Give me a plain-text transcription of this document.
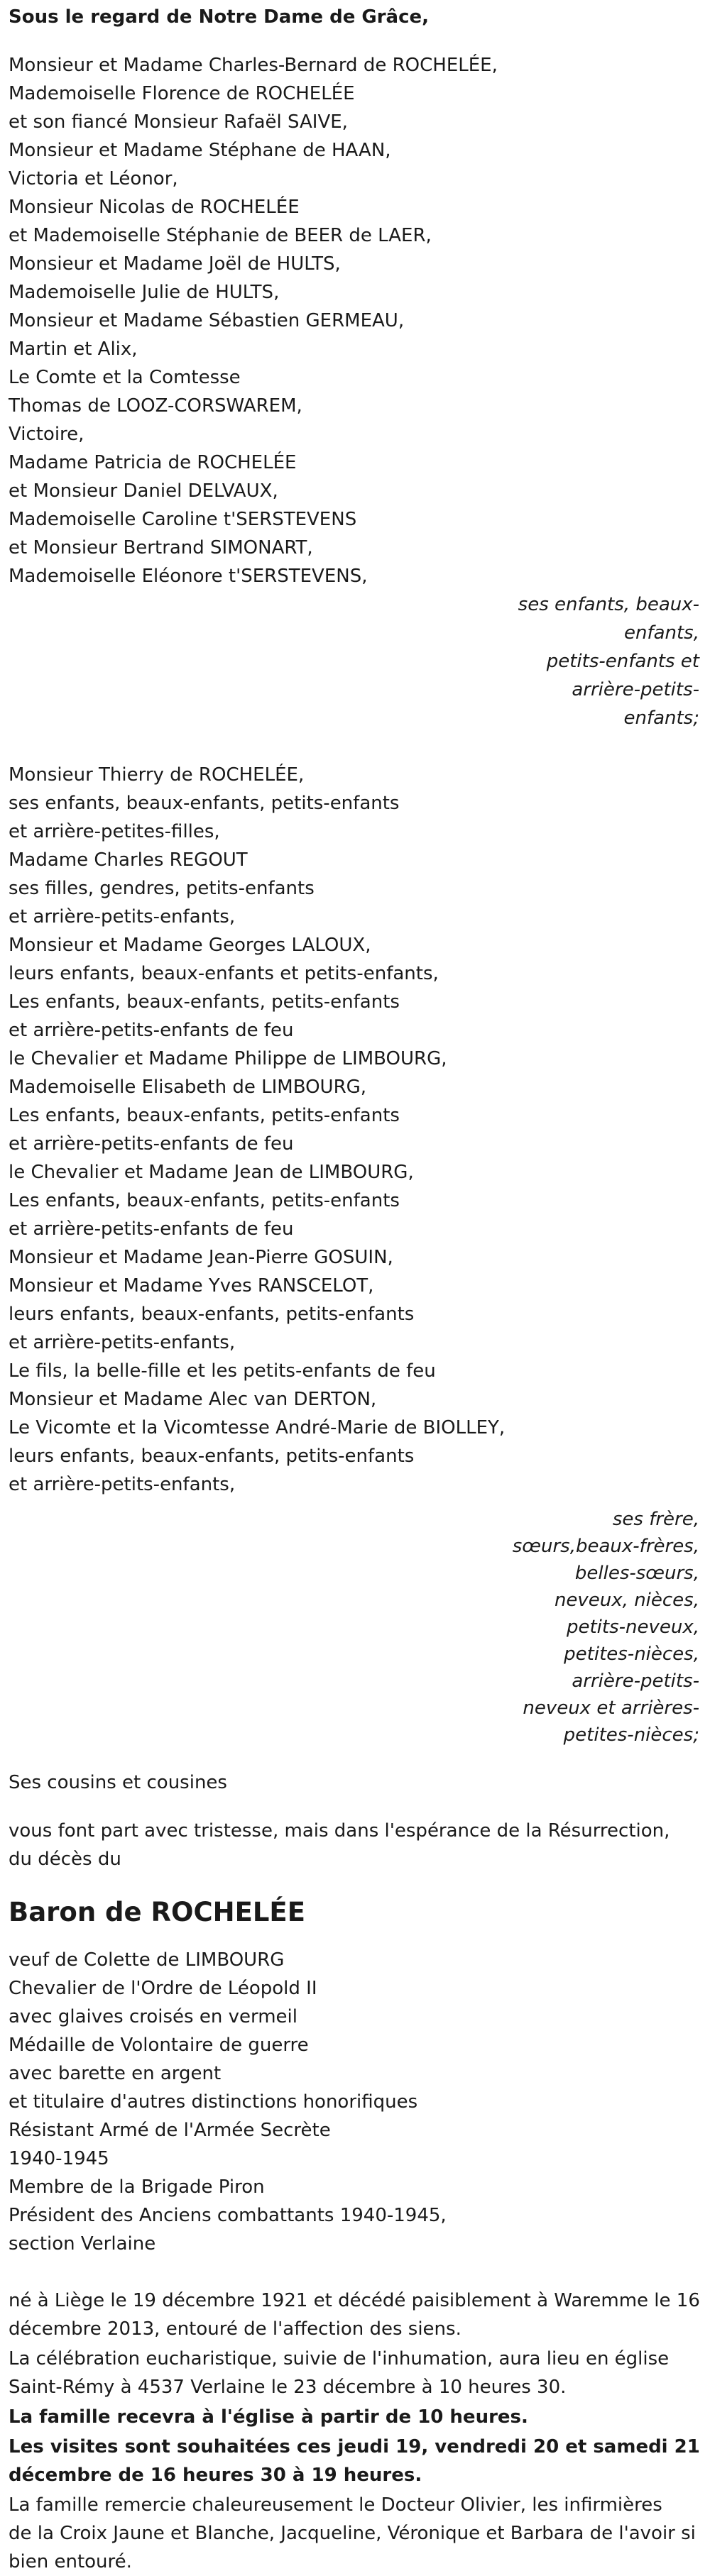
Sous le regard de Notre Dame de Grâce,
Monsieur et Madame Charles-Bernard de ROCHELÉE,
Mademoiselle Florence de ROCHELÉE
et son fiancé Monsieur Rafaël SAIVE,
Monsieur et Madame Stéphane de HAAN,
Victoria et Léonor,
Monsieur Nicolas de ROCHELÉE
et Mademoiselle Stéphanie de BEER de LAER,
Monsieur et Madame Joël de HULTS,
Mademoiselle Julie de HULTS,
Monsieur et Madame Sébastien GERMEAU,
Martin et Alix,
Le Comte et la Comtesse
Thomas de LOOZ-CORSWAREM,
Victoire,
Madame Patricia de ROCHELÉE
et Monsieur Daniel DELVAUX,
Mademoiselle Caroline t'SERSTEVENS
et Monsieur Bertrand SIMONART,
Mademoiselle Eléonore t'SERSTEVENS,
ses enfants, beaux-
enfants,
petits-enfants et
arrière-petits-
enfants;
Monsieur Thierry de ROCHELÉE,
ses enfants, beaux-enfants, petits-enfants
et arrière-petites-filles,
Madame Charles REGOUT
ses filles, gendres, petits-enfants
et arrière-petits-enfants,
Monsieur et Madame Georges LALOUX,
leurs enfants, beaux-enfants et petits-enfants,
Les enfants, beaux-enfants, petits-enfants
et arrière-petits-enfants de feu
le Chevalier et Madame Philippe de LIMBOURG,
Mademoiselle Elisabeth de LIMBOURG,
Les enfants, beaux-enfants, petits-enfants
et arrière-petits-enfants de feu
le Chevalier et Madame Jean de LIMBOURG,
Les enfants, beaux-enfants, petits-enfants
et arrière-petits-enfants de feu
Monsieur et Madame Jean-Pierre GOSUIN,
Monsieur et Madame Yves RANSCELOT,
leurs enfants, beaux-enfants, petits-enfants
et arrière-petits-enfants,
Le fils, la belle-fille et les petits-enfants de feu
Monsieur et Madame Alec van DERTON,
Le Vicomte et la Vicomtesse André-Marie de BIOLLEY,
leurs enfants, beaux-enfants, petits-enfants
et arrière-petits-enfants,
ses frère,
sœurs,beaux-frères,
belles-sœurs,
neveux, nièces,
petits-neveux,
petites-nièces,
arrière-petits-
neveux et arrières-
petites-nièces;
Ses cousins et cousines
vous font part avec tristesse, mais dans l'espérance de la Résurrection,
du décès du
Baron de ROCHELÉE
veuf de Colette de LIMBOURG
Chevalier de l'Ordre de Léopold II
avec glaives croisés en vermeil
Médaille de Volontaire de guerre
avec barette en argent
et titulaire d'autres distinctions honorifiques
Résistant Armé de l'Armée Secrète
1940-1945
Membre de la Brigade Piron
Président des Anciens combattants 1940-1945,
section Verlaine
né à Liège le 19 décembre 1921 et décédé paisiblement à Waremme le 16
décembre 2013, entouré de l'affection des siens.
La célébration eucharistique, suivie de l'inhumation, aura lieu en église
Saint-Rémy à 4537 Verlaine le 23 décembre à 10 heures 30.
La famille recevra à l'église à partir de 10 heures.
Les visites sont souhaitées ces jeudi 19, vendredi 20 et samedi 21
décembre de 16 heures 30 à 19 heures.
La famille remercie chaleureusement le Docteur Olivier, les infirmières
de la Croix Jaune et Blanche, Jacqueline, Véronique et Barbara de l'avoir si
bien entouré.
